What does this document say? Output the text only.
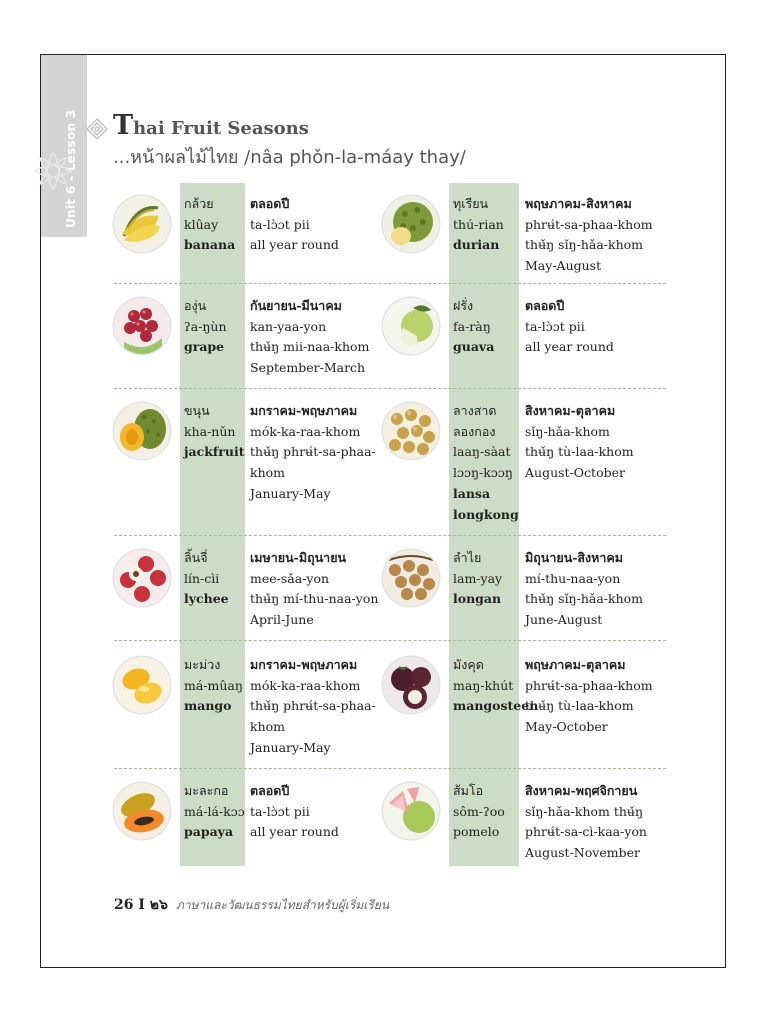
Unit 6 - Lesson 3 Thai Fruit Seasons
...หน้าผลไม้ไทย /nâa phǒn-la-máay thay/
กล้วย
klûay
banana
ตลอดปี
ta-lɔ̀ɔt pii
all year round
ทุเรียน
thú-rian
durian
พฤษภาคม-สิงหาคม
phrʉ́t-sa-phaa-khom
thʉ̌ŋ sǐŋ-hǎa-khom
May-August
องุ่น
ʔa-ŋùn
grape
กันยายน-มีนาคม
kan-yaa-yon
thʉ̌ŋ mii-naa-khom
September-March
ฝรั่ง
fa-ràŋ
guava
ตลอดปี
ta-lɔ̀ɔt pii
all year round
ขนุน
kha-nǔn
jackfruit
มกราคม-พฤษภาคม
mók-ka-raa-khom
thʉ̌ŋ phrʉ́t-sa-phaa-
khom
January-May
ลางสาด
ลองกอง
laaŋ-sàat
lɔɔŋ-kɔɔŋ
lansa
longkong
สิงหาคม-ตุลาคม
sǐŋ-hǎa-khom
thʉ̌ŋ tù-laa-khom
August-October
ลิ้นจี่
lín-cìi
lychee
เมษายน-มิถุนายน
mee-sǎa-yon
thʉ̌ŋ mí-thu-naa-yon
April-June
ลำไย
lam-yay
longan
มิถุนายน-สิงหาคม
mí-thu-naa-yon
thʉ̌ŋ sǐŋ-hǎa-khom
June-August
มะม่วง
má-mûaŋ
mango
มกราคม-พฤษภาคม
mók-ka-raa-khom
thʉ̌ŋ phrʉ́t-sa-phaa-
khom
January-May
มังคุด
maŋ-khút
mangosteen
พฤษภาคม-ตุลาคม
phrʉ́t-sa-phaa-khom
thʉ̌ŋ tù-laa-khom
May-October
มะละกอ
má-lá-kɔɔ
papaya
ตลอดปี
ta-lɔ̀ɔt pii
all year round
ส้มโอ
sôm-ʔoo
pomelo
สิงหาคม-พฤศจิกายน
sǐŋ-hǎa-khom thʉ̌ŋ
phrʉ́t-sa-cì-kaa-yon
August-November
26 I ๒๖ ภาษาและวัฒนธรรมไทยสำหรับผู้เริ่มเรียน
